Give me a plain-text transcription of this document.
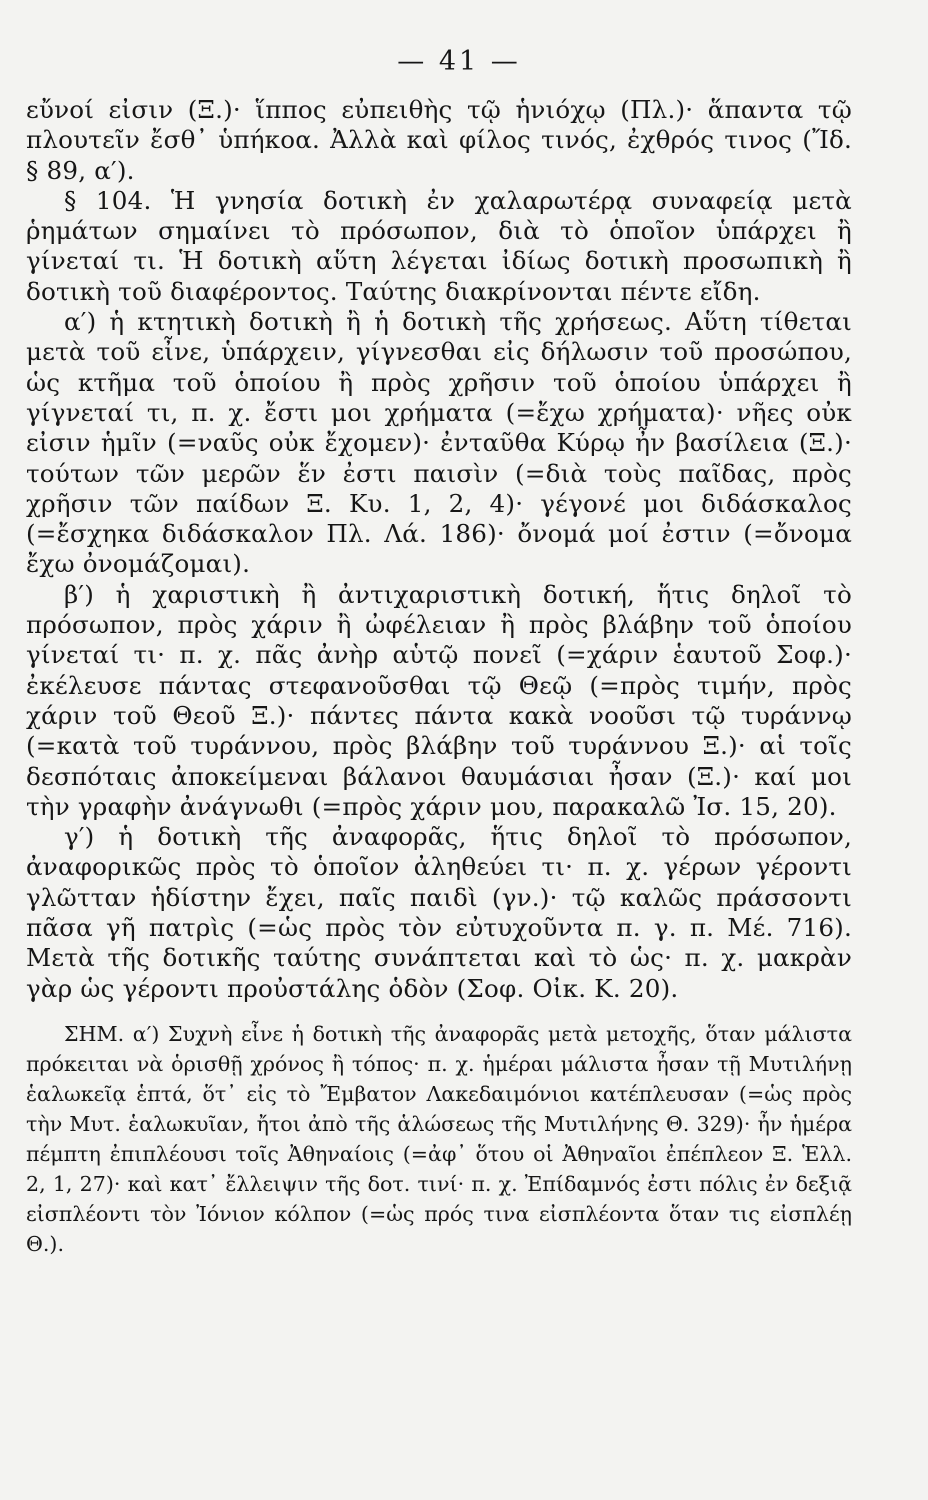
— 41 —

εὔνοί εἰσιν (Ξ.)· ἵππος εὐπειθὴς τῷ ἡνιόχῳ (Πλ.)· ἅπαντα τῷ πλουτεῖν ἔσθ᾽ ὑπήκοα. Ἀλλὰ καὶ φίλος τινός, ἐχθρός τινος (Ἴδ. § 89, α′).

§ 104. Ἡ γνησία δοτικὴ ἐν χαλαρωτέρᾳ συναφείᾳ μετὰ ῥημάτων σημαίνει τὸ πρόσωπον, διὰ τὸ ὁποῖον ὑπάρχει ἢ γίνεταί τι. Ἡ δοτικὴ αὕτη λέγεται ἰδίως δοτικὴ προσωπικὴ ἢ δοτικὴ τοῦ διαφέροντος. Ταύτης διακρίνονται πέντε εἴδη.

α′) ἡ κτητικὴ δοτικὴ ἢ ἡ δοτικὴ τῆς χρήσεως. Αὕτη τίθεται μετὰ τοῦ εἶνε, ὑπάρχειν, γίγνεσθαι εἰς δήλωσιν τοῦ προσώπου, ὡς κτῆμα τοῦ ὁποίου ἢ πρὸς χρῆσιν τοῦ ὁποίου ὑπάρχει ἢ γίγνεταί τι, π. χ. ἔστι μοι χρήματα (=ἔχω χρήματα)· νῆες οὐκ εἰσιν ἡμῖν (=ναῦς οὐκ ἔχομεν)· ἐνταῦθα Κύρῳ ἦν βασίλεια (Ξ.)· τούτων τῶν μερῶν ἕν ἐστι παισὶν (=διὰ τοὺς παῖδας, πρὸς χρῆσιν τῶν παίδων Ξ. Κυ. 1, 2, 4)· γέγονέ μοι διδάσκαλος (=ἔσχηκα διδάσκαλον Πλ. Λά. 186)· ὄνομά μοί ἐστιν (=ὄνομα ἔχω ὀνομάζομαι).

β′) ἡ χαριστικὴ ἢ ἀντιχαριστικὴ δοτική, ἥτις δηλοῖ τὸ πρόσωπον, πρὸς χάριν ἢ ὠφέλειαν ἢ πρὸς βλάβην τοῦ ὁποίου γίνεταί τι· π. χ. πᾶς ἀνὴρ αὑτῷ πονεῖ (=χάριν ἑαυτοῦ Σοφ.)· ἐκέλευσε πάντας στεφανοῦσθαι τῷ Θεῷ (=πρὸς τιμήν, πρὸς χάριν τοῦ Θεοῦ Ξ.)· πάντες πάντα κακὰ νοοῦσι τῷ τυράννῳ (=κατὰ τοῦ τυράννου, πρὸς βλάβην τοῦ τυράννου Ξ.)· αἱ τοῖς δεσπόταις ἀποκείμεναι βάλανοι θαυμάσιαι ἦσαν (Ξ.)· καί μοι τὴν γραφὴν ἀνάγνωθι (=πρὸς χάριν μου, παρακαλῶ Ἰσ. 15, 20).

γ′) ἡ δοτικὴ τῆς ἀναφορᾶς, ἥτις δηλοῖ τὸ πρόσωπον, ἀναφορικῶς πρὸς τὸ ὁποῖον ἀληθεύει τι· π. χ. γέρων γέροντι γλῶτταν ἡδίστην ἔχει, παῖς παιδὶ (γν.)· τῷ καλῶς πράσσοντι πᾶσα γῆ πατρὶς (=ὡς πρὸς τὸν εὐτυχοῦντα π. γ. π. Μέ. 716). Μετὰ τῆς δοτικῆς ταύτης συνάπτεται καὶ τὸ ὡς· π. χ. μακρὰν γὰρ ὡς γέροντι προὐστάλης ὁδὸν (Σοφ. Οἰκ. Κ. 20).

ΣΗΜ. α′) Συχνὴ εἶνε ἡ δοτικὴ τῆς ἀναφορᾶς μετὰ μετοχῆς, ὅταν μάλιστα πρόκειται νὰ ὁρισθῇ χρόνος ἢ τόπος· π. χ. ἡμέραι μάλιστα ἦσαν τῇ Μυτιλήνῃ ἑαλωκεῖᾳ ἑπτά, ὅτ᾽ εἰς τὸ Ἔμβατον Λακεδαιμόνιοι κατέπλευσαν (=ὡς πρὸς τὴν Μυτ. ἑαλωκυῖαν, ἤτοι ἀπὸ τῆς ἁλώσεως τῆς Μυτιλήνης Θ. 329)· ἦν ἡμέρα πέμπτη ἐπιπλέουσι τοῖς Ἀθηναίοις (=ἀφ᾽ ὅτου οἱ Ἀθηναῖοι ἐπέπλεον Ξ. Ἑλλ. 2, 1, 27)· καὶ κατ᾽ ἔλλειψιν τῆς δοτ. τινί· π. χ. Ἐπίδαμνός ἐστι πόλις ἐν δεξιᾷ εἰσπλέοντι τὸν Ἰόνιον κόλπον (=ὡς πρός τινα εἰσπλέοντα ὅταν τις εἰσπλέῃ Θ.).
